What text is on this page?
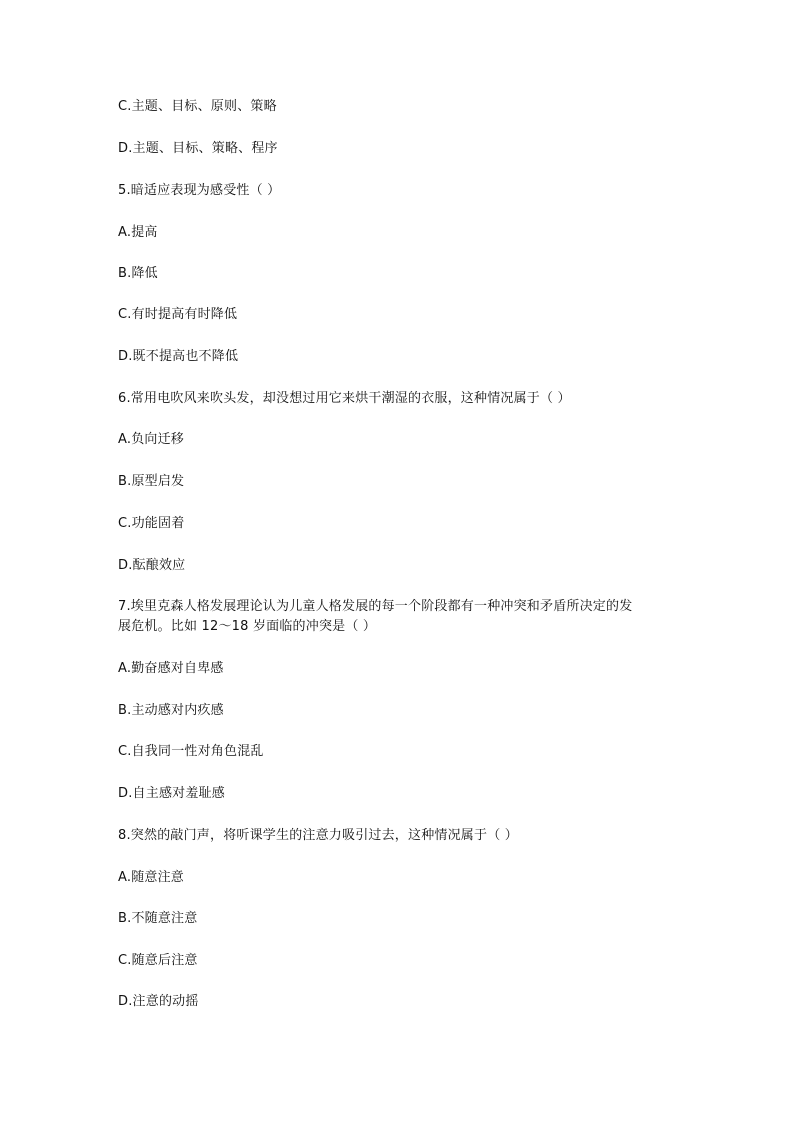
C.主题、目标、原则、策略
D.主题、目标、策略、程序
5.暗适应表现为感受性（ ）
A.提高
B.降低
C.有时提高有时降低
D.既不提高也不降低
6.常用电吹风来吹头发，却没想过用它来烘干潮湿的衣服，这种情况属于（ ）
A.负向迁移
B.原型启发
C.功能固着
D.酝酿效应
7.埃里克森人格发展理论认为儿童人格发展的每一个阶段都有一种冲突和矛盾所决定的发
展危机。比如 12～18 岁面临的冲突是（ ）
A.勤奋感对自卑感
B.主动感对内疚感
C.自我同一性对角色混乱
D.自主感对羞耻感
8.突然的敲门声，将听课学生的注意力吸引过去，这种情况属于（ ）
A.随意注意
B.不随意注意
C.随意后注意
D.注意的动摇
